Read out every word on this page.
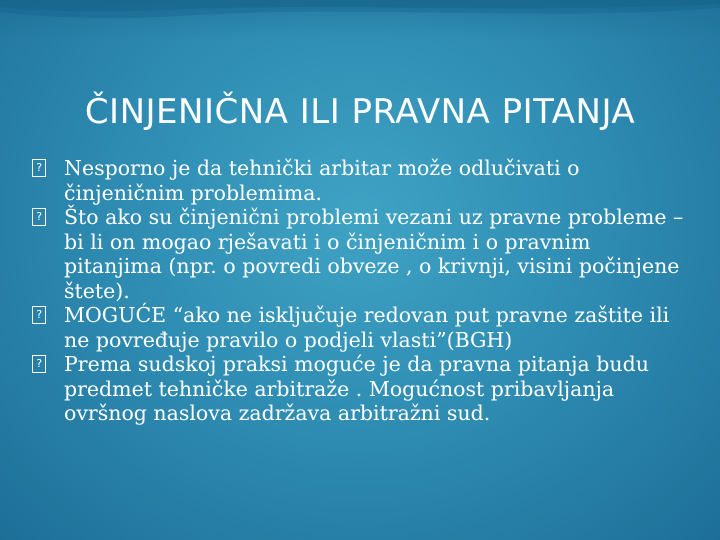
ČINJENIČNA ILI PRAVNA PITANJA
?
Nesporno je da tehnički arbitar može odlučivati o činjeničnim problemima.
?
Što ako su činjenični problemi vezani uz pravne probleme – bi li on mogao rješavati i o činjeničnim i o pravnim pitanjima (npr. o povredi obveze , o krivnji, visini počinjene štete).
?
MOGUĆE “ako ne isključuje redovan put pravne zaštite ili ne povređuje pravilo o podjeli vlasti”(BGH)
?
Prema sudskoj praksi moguće je da pravna pitanja budu predmet tehničke arbitraže . Mogućnost pribavljanja ovršnog naslova zadržava arbitražni sud.
